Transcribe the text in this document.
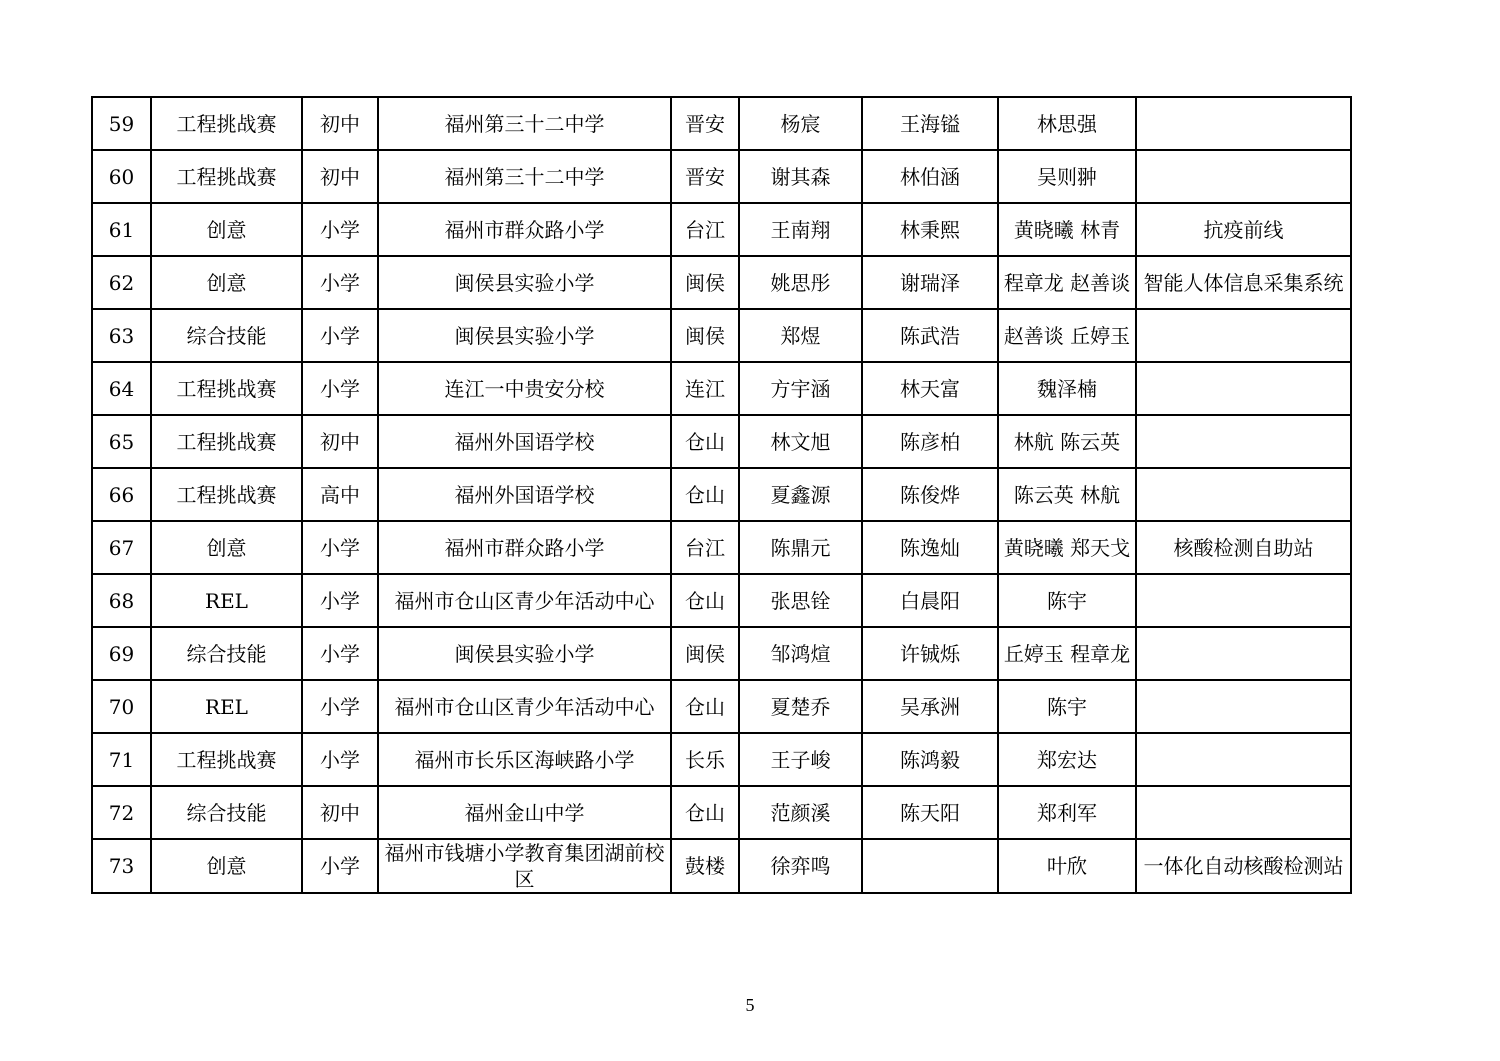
59	工程挑战赛	初中	福州第三十二中学	晋安	杨宸	王海镒	林思强	
60	工程挑战赛	初中	福州第三十二中学	晋安	谢其森	林伯涵	吴则翀	
61	创意	小学	福州市群众路小学	台江	王南翔	林秉熙	黄晓曦 林青	抗疫前线
62	创意	小学	闽侯县实验小学	闽侯	姚思彤	谢瑞泽	程章龙 赵善谈	智能人体信息采集系统
63	综合技能	小学	闽侯县实验小学	闽侯	郑煜	陈武浩	赵善谈 丘婷玉	
64	工程挑战赛	小学	连江一中贵安分校	连江	方宇涵	林天富	魏泽楠	
65	工程挑战赛	初中	福州外国语学校	仓山	林文旭	陈彦柏	林航 陈云英	
66	工程挑战赛	高中	福州外国语学校	仓山	夏鑫源	陈俊烨	陈云英 林航	
67	创意	小学	福州市群众路小学	台江	陈鼎元	陈逸灿	黄晓曦 郑天戈	核酸检测自助站
68	REL	小学	福州市仓山区青少年活动中心	仓山	张思铨	白晨阳	陈宇	
69	综合技能	小学	闽侯县实验小学	闽侯	邹鸿煊	许铖烁	丘婷玉 程章龙	
70	REL	小学	福州市仓山区青少年活动中心	仓山	夏楚乔	吴承洲	陈宇	
71	工程挑战赛	小学	福州市长乐区海峡路小学	长乐	王子峻	陈鸿毅	郑宏达	
72	综合技能	初中	福州金山中学	仓山	范颜溪	陈天阳	郑利军	
73	创意	小学	福州市钱塘小学教育集团湖前校区	鼓楼	徐弈鸣		叶欣	一体化自动核酸检测站
5
